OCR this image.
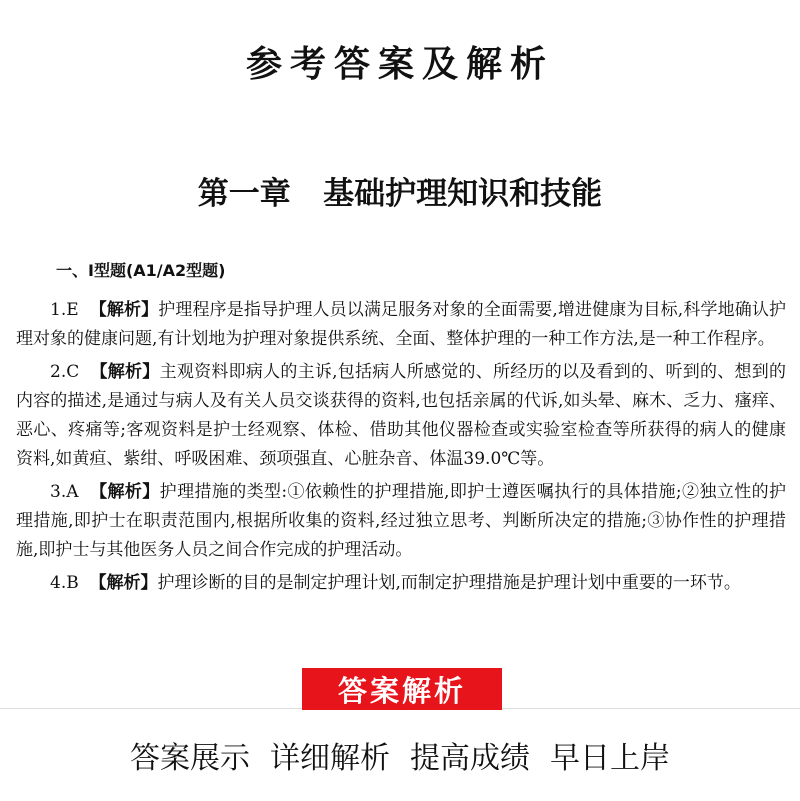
参考答案及解析
第一章   基础护理知识和技能
一、Ⅰ型题(A1/A2型题)

1.E 【解析】护理程序是指导护理人员以满足服务对象的全面需要,增进健康为目标,科学地确认护理对象的健康问题,有计划地为护理对象提供系统、全面、整体护理的一种工作方法,是一种工作程序。

2.C 【解析】主观资料即病人的主诉,包括病人所感觉的、所经历的以及看到的、听到的、想到的内容的描述,是通过与病人及有关人员交谈获得的资料,也包括亲属的代诉,如头晕、麻木、乏力、瘙痒、恶心、疼痛等;客观资料是护士经观察、体检、借助其他仪器检查或实验室检查等所获得的病人的健康资料,如黄疸、紫绀、呼吸困难、颈项强直、心脏杂音、体温39.0℃等。

3.A 【解析】护理措施的类型:①依赖性的护理措施,即护士遵医嘱执行的具体措施;②独立性的护理措施,即护士在职责范围内,根据所收集的资料,经过独立思考、判断所决定的措施;③协作性的护理措施,即护士与其他医务人员之间合作完成的护理活动。

4.B 【解析】护理诊断的目的是制定护理计划,而制定护理措施是护理计划中重要的一环节。

答案展示 详细解析 提高成绩 早日上岸
答案解析
